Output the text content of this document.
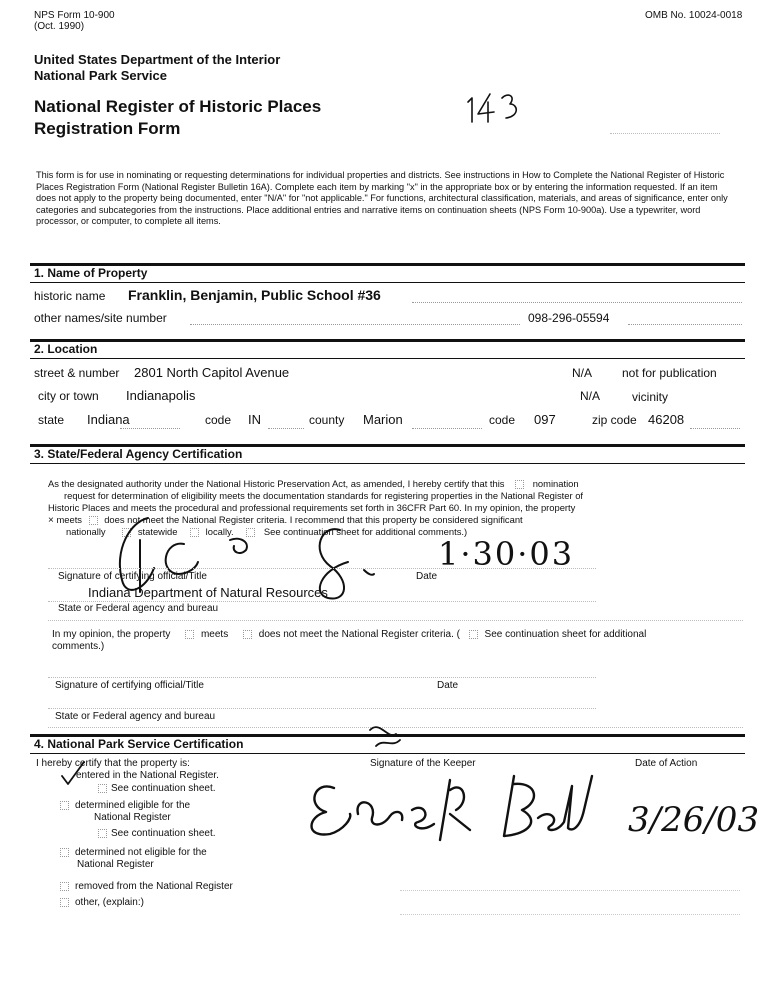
NPS Form 10-900
(Oct. 1990)
OMB No. 10024-0018
United States Department of the Interior
National Park Service
National Register of Historic Places
Registration Form
This form is for use in nominating or requesting determinations for individual properties and districts. See instructions in How to Complete the National Register of Historic Places Registration Form (National Register Bulletin 16A). Complete each item by marking "x" in the appropriate box or by entering the information requested. If an item does not apply to the property being documented, enter "N/A" for "not applicable." For functions, architectural classification, materials, and areas of significance, enter only categories and subcategories from the instructions. Place additional entries and narrative items on continuation sheets (NPS Form 10-900a). Use a typewriter, word processor, or computer, to complete all items.
1. Name of Property
historic name Franklin, Benjamin, Public School #36
other names/site number	098-296-05594
2. Location
street & number 2801 North Capitol Avenue	N/A not for publication
city or town Indianapolis	N/A	vicinity
state Indiana	code IN	county Marion	code 097	zip code 46208
3. State/Federal Agency Certification
As the designated authority under the National Historic Preservation Act, as amended, I hereby certify that this	nomination
request for determination of eligibility meets the documentation standards for registering properties in the National Register of
Historic Places and meets the procedural and professional requirements set forth in 36CFR Part 60. In my opinion, the property
× meets does not meet the National Register criteria. I recommend that this property be considered significant
nationally	statewide	locally.	See continuation sheet for additional comments.)
1·30·03
Signature of certifying official/Title	Date
Indiana Department of Natural Resources
State or Federal agency and bureau
In my opinion, the property	meets	does not meet the National Register criteria. ( See continuation sheet for additional
comments.)
Signature of certifying official/Title	Date
State or Federal agency and bureau
4. National Park Service Certification
I hereby certify that the property is:	Signature of the Keeper	Date of Action
entered in the National Register.
See continuation sheet.
determined eligible for the
National Register
See continuation sheet.
determined not eligible for the
National Register
removed from the National Register
other, (explain:)
3/26/03
